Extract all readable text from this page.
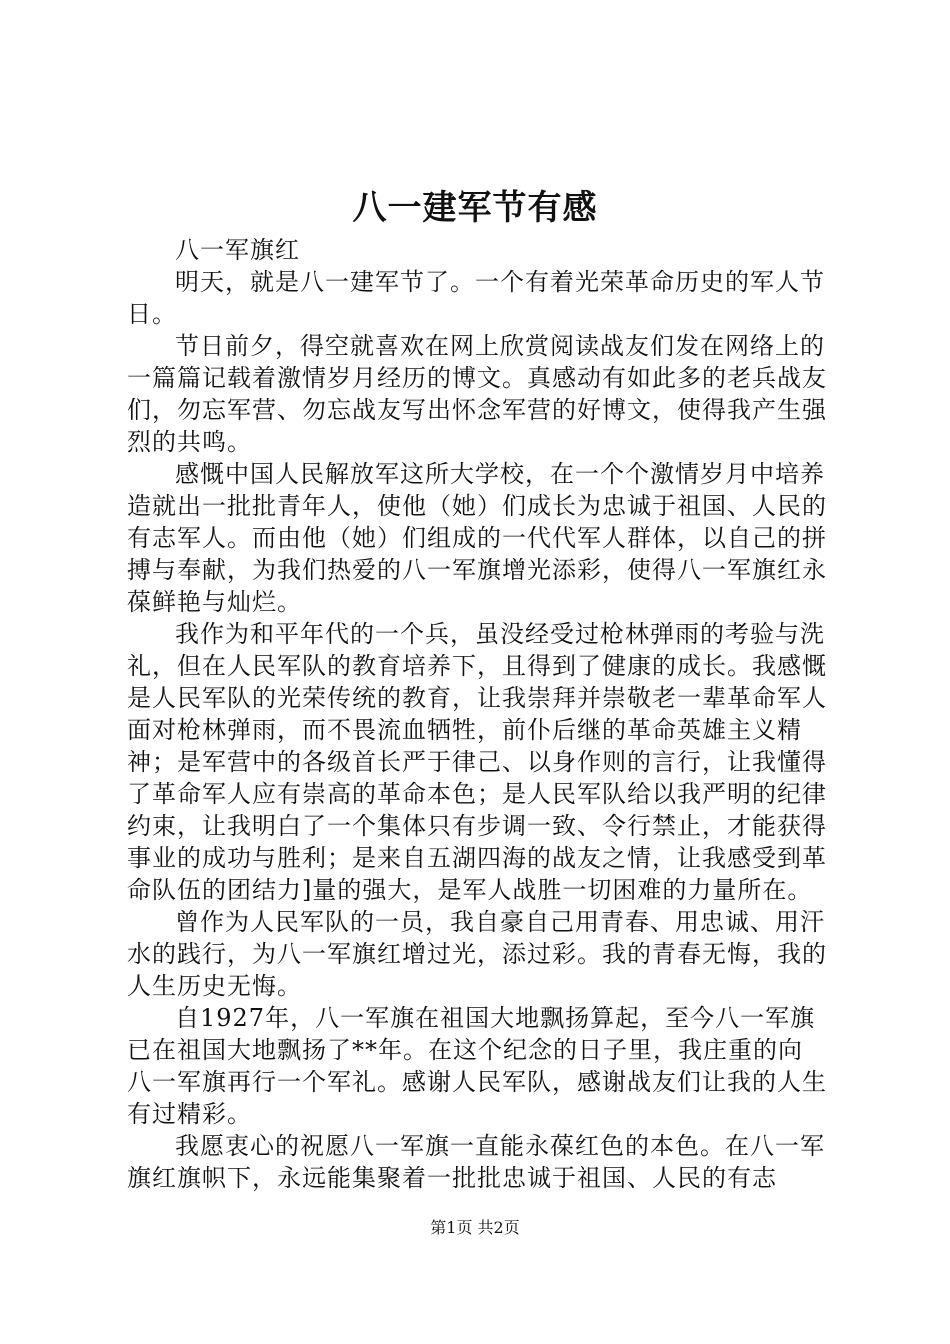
八一建军节有感

八一军旗红

明天，就是八一建军节了。一个有着光荣革命历史的军人节日。

节日前夕，得空就喜欢在网上欣赏阅读战友们发在网络上的一篇篇记载着激情岁月经历的博文。真感动有如此多的老兵战友们，勿忘军营、勿忘战友写出怀念军营的好博文，使得我产生强烈的共鸣。

感慨中国人民解放军这所大学校，在一个个激情岁月中培养造就出一批批青年人，使他（她）们成长为忠诚于祖国、人民的有志军人。而由他（她）们组成的一代代军人群体，以自己的拼搏与奉献，为我们热爱的八一军旗增光添彩，使得八一军旗红永葆鲜艳与灿烂。

我作为和平年代的一个兵，虽没经受过枪林弹雨的考验与洗礼，但在人民军队的教育培养下，且得到了健康的成长。我感慨是人民军队的光荣传统的教育，让我崇拜并崇敬老一辈革命军人面对枪林弹雨，而不畏流血牺牲，前仆后继的革命英雄主义精神；是军营中的各级首长严于律己、以身作则的言行，让我懂得了革命军人应有崇高的革命本色；是人民军队给以我严明的纪律约束，让我明白了一个集体只有步调一致、令行禁止，才能获得事业的成功与胜利；是来自五湖四海的战友之情，让我感受到革命队伍的团结力]量的强大，是军人战胜一切困难的力量所在。

曾作为人民军队的一员，我自豪自己用青春、用忠诚、用汗水的践行，为八一军旗红增过光，添过彩。我的青春无悔，我的人生历史无悔。

自1927年，八一军旗在祖国大地飘扬算起，至今八一军旗已在祖国大地飘扬了**年。在这个纪念的日子里，我庄重的向八一军旗再行一个军礼。感谢人民军队，感谢战友们让我的人生有过精彩。

我愿衷心的祝愿八一军旗一直能永葆红色的本色。在八一军旗红旗帜下，永远能集聚着一批批忠诚于祖国、人民的有志

第1页 共2页
